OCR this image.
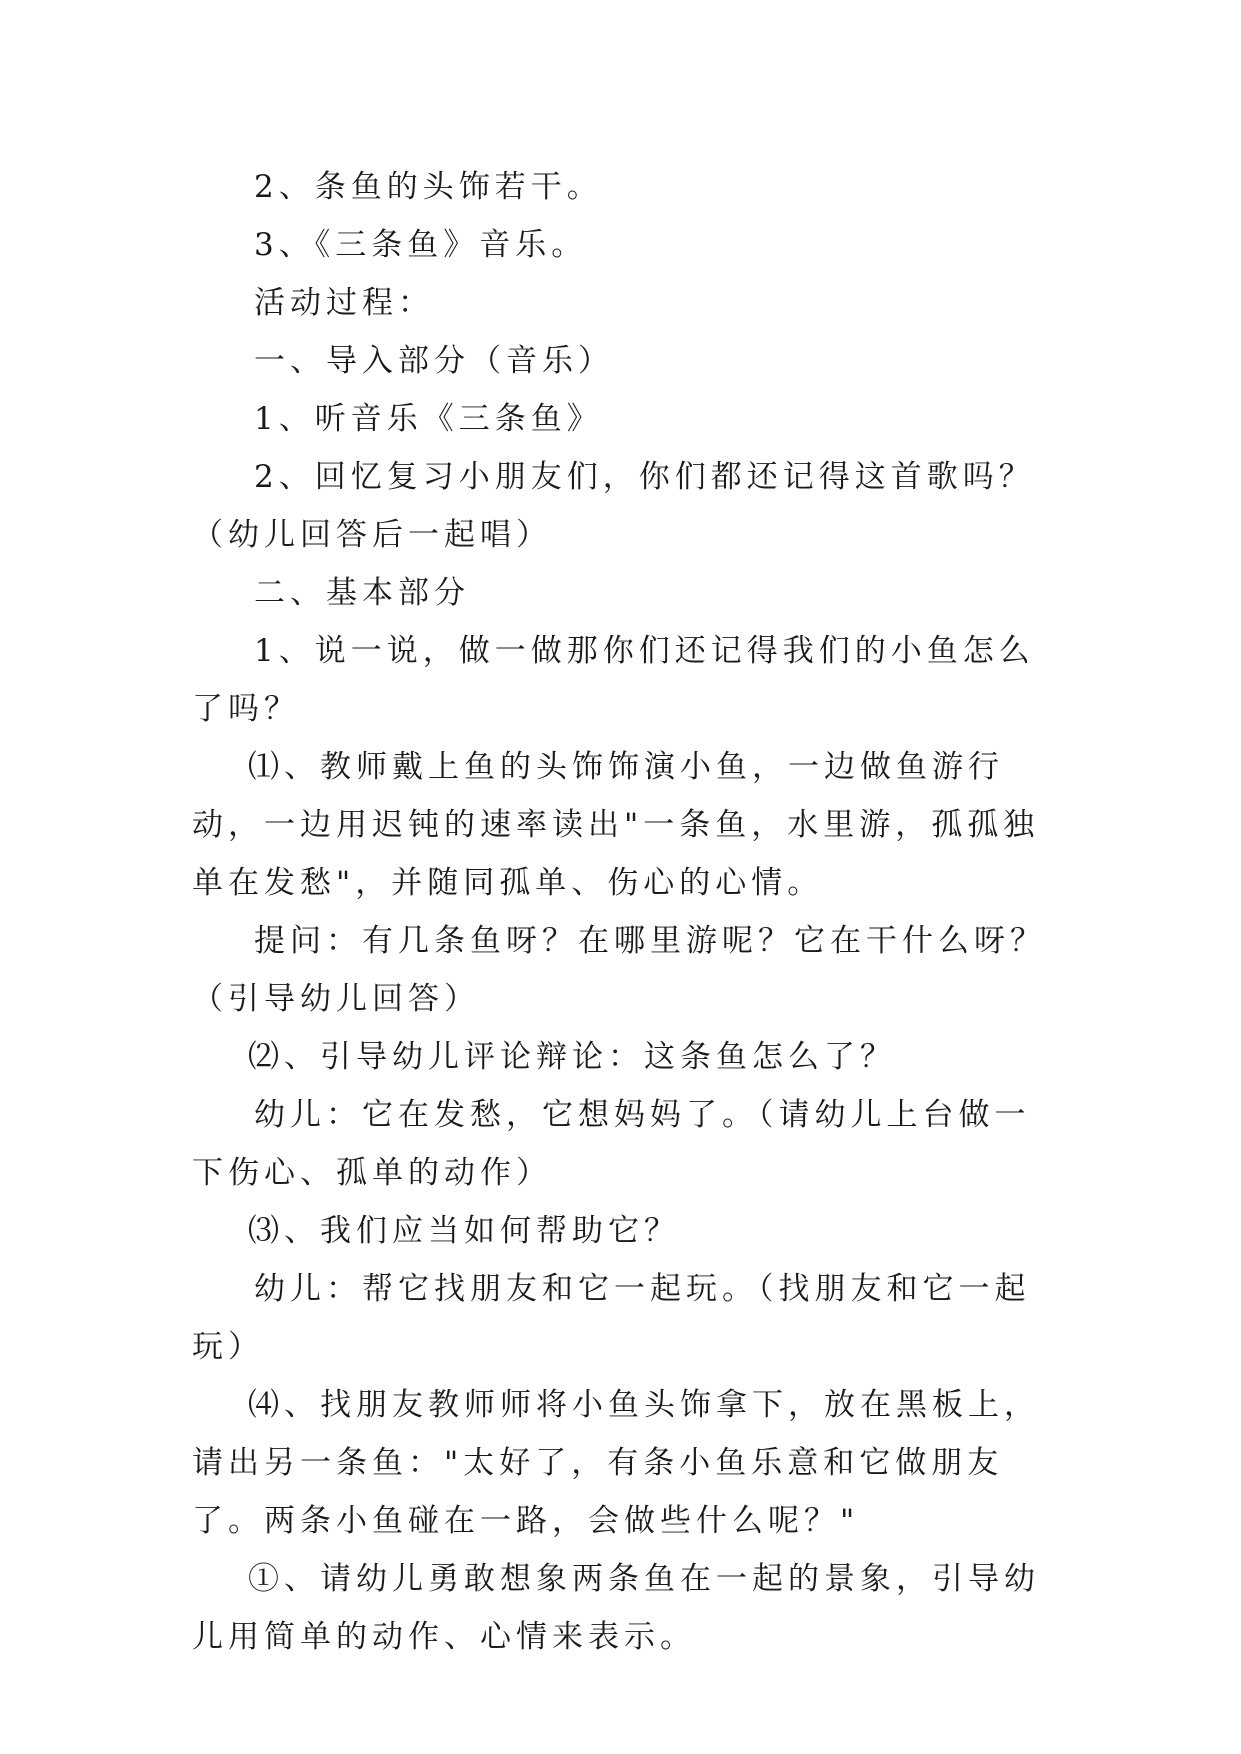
2、条鱼的头饰若干。

3、《三条鱼》音乐。

活动过程：

一、导入部分（音乐）

1、听音乐《三条鱼》

2、回忆复习小朋友们，你们都还记得这首歌吗？（幼儿回答后一起唱）

二、基本部分

1、说一说，做一做那你们还记得我们的小鱼怎么了吗？

⑴、教师戴上鱼的头饰饰演小鱼，一边做鱼游行动，一边用迟钝的速率读出"一条鱼，水里游，孤孤独单在发愁"，并随同孤单、伤心的心情。

提问：有几条鱼呀？在哪里游呢？它在干什么呀？（引导幼儿回答）

⑵、引导幼儿评论辩论：这条鱼怎么了？

幼儿：它在发愁，它想妈妈了。（请幼儿上台做一下伤心、孤单的动作）

⑶、我们应当如何帮助它？

幼儿：帮它找朋友和它一起玩。（找朋友和它一起玩）

⑷、找朋友教师师将小鱼头饰拿下，放在黑板上，请出另一条鱼："太好了，有条小鱼乐意和它做朋友了。两条小鱼碰在一路，会做些什么呢？"

①、请幼儿勇敢想象两条鱼在一起的景象，引导幼儿用简单的动作、心情来表示。
